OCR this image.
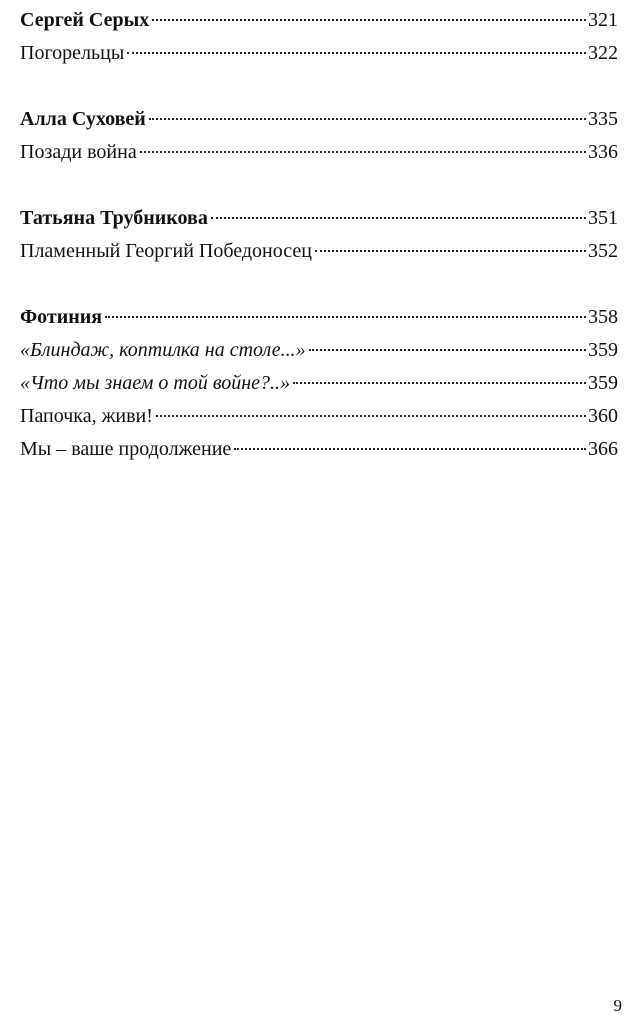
Сергей Серых	321
Погорельцы	322
Алла Суховей	335
Позади война	336
Татьяна Трубникова	351
Пламенный Георгий Победоносец	352
Фотиния	358
«Блиндаж, коптилка на столе...»	359
«Что мы знаем о той войне?..»	359
Папочка, живи!	360
Мы – ваше продолжение	366
9
